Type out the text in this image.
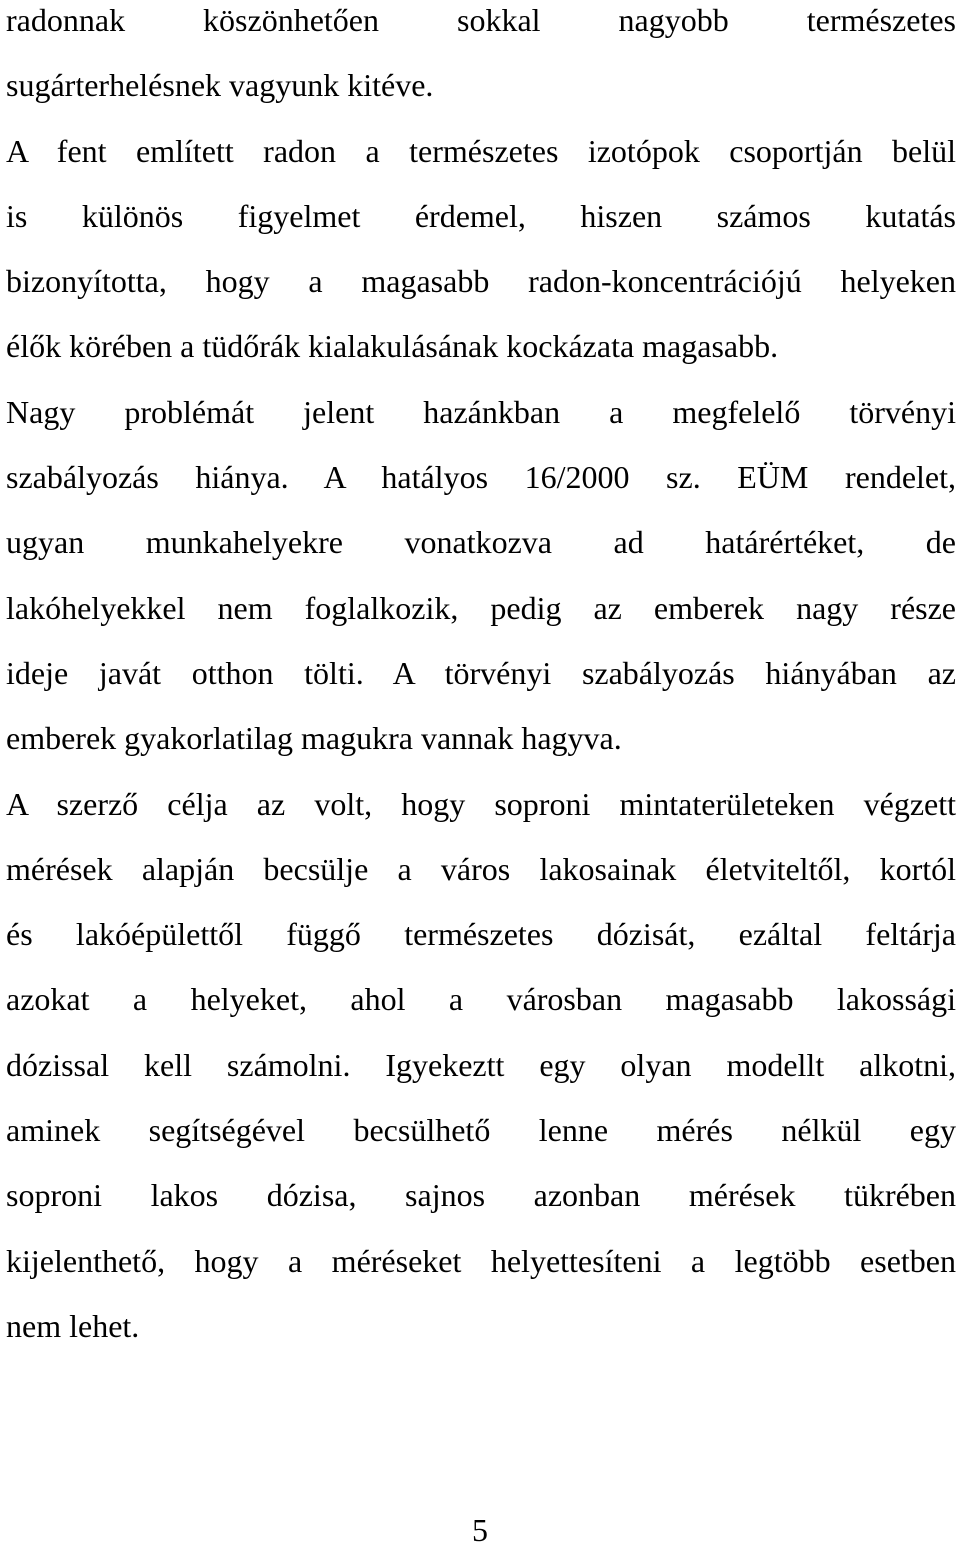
radonnak köszönhetően sokkal nagyobb természetes
sugárterhelésnek vagyunk kitéve.
A fent említett radon a természetes izotópok csoportján belül
is különös figyelmet érdemel, hiszen számos kutatás
bizonyította, hogy a magasabb radon-koncentrációjú helyeken
élők körében a tüdőrák kialakulásának kockázata magasabb.
Nagy problémát jelent hazánkban a megfelelő törvényi
szabályozás hiánya. A hatályos 16/2000 sz. EÜM rendelet,
ugyan munkahelyekre vonatkozva ad határértéket, de
lakóhelyekkel nem foglalkozik, pedig az emberek nagy része
ideje javát otthon tölti. A törvényi szabályozás hiányában az
emberek gyakorlatilag magukra vannak hagyva.
A szerző célja az volt, hogy soproni mintaterületeken végzett
mérések alapján becsülje a város lakosainak életviteltől, kortól
és lakóépülettől függő természetes dózisát, ezáltal feltárja
azokat a helyeket, ahol a városban magasabb lakossági
dózissal kell számolni. Igyekeztt egy olyan modellt alkotni,
aminek segítségével becsülhető lenne mérés nélkül egy
soproni lakos dózisa, sajnos azonban mérések tükrében
kijelenthető, hogy a méréseket helyettesíteni a legtöbb esetben
nem lehet.
5
